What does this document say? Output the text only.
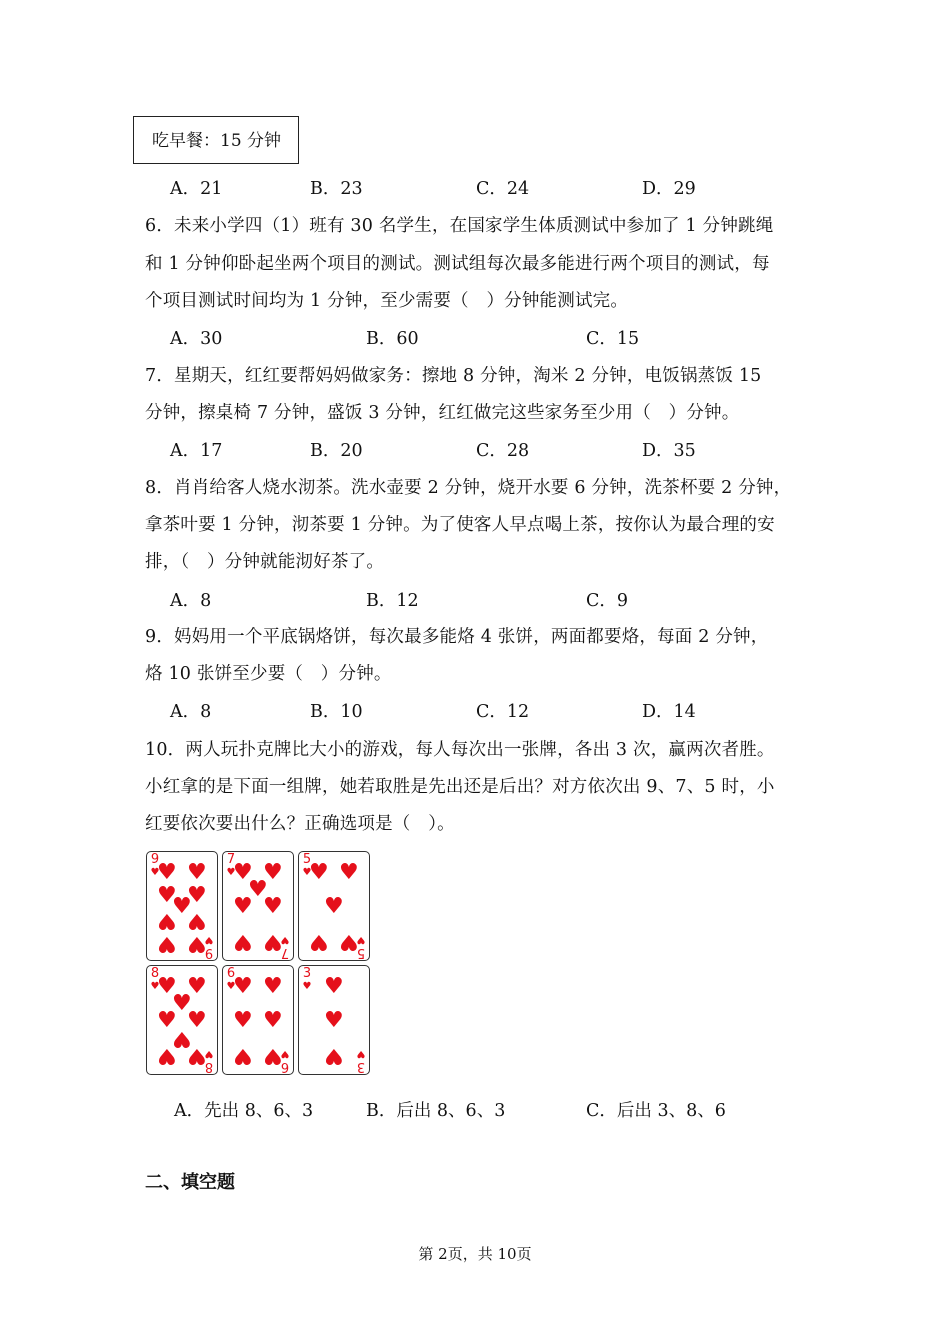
吃早餐：15 分钟
A．21	B．23	C．24	D．29
6．未来小学四（1）班有 30 名学生，在国家学生体质测试中参加了 1 分钟跳绳
和 1 分钟仰卧起坐两个项目的测试。测试组每次最多能进行两个项目的测试，每
个项目测试时间均为 1 分钟，至少需要（　）分钟能测试完。
A．30	B．60	C．15
7．星期天，红红要帮妈妈做家务：擦地 8 分钟，淘米 2 分钟，电饭锅蒸饭 15
分钟，擦桌椅 7 分钟，盛饭 3 分钟，红红做完这些家务至少用（　）分钟。
A．17	B．20	C．28	D．35
8．肖肖给客人烧水沏茶。洗水壶要 2 分钟，烧开水要 6 分钟，洗茶杯要 2 分钟，
拿茶叶要 1 分钟，沏茶要 1 分钟。为了使客人早点喝上茶，按你认为最合理的安
排，（　）分钟就能沏好茶了。
A．8	B．12	C．9
9．妈妈用一个平底锅烙饼，每次最多能烙 4 张饼，两面都要烙，每面 2 分钟，
烙 10 张饼至少要（　）分钟。
A．8	B．10	C．12	D．14
10．两人玩扑克牌比大小的游戏，每人每次出一张牌，各出 3 次，赢两次者胜。
小红拿的是下面一组牌，她若取胜是先出还是后出？对方依次出 9、7、5 时，小
红要依次要出什么？正确选项是（　）。
9
♥
9
♥
♥ ♥
♥ ♥
♥
♥ ♥
♥ ♥
7
♥
7
♥
♥ ♥
♥
♥ ♥
♥ ♥
5
♥
5
♥
♥ ♥
♥
♥ ♥
8
♥
8
♥
♥ ♥
♥
♥ ♥
♥
♥ ♥
6
♥
6
♥
♥ ♥
♥ ♥
♥ ♥
3
♥
3
♥
♥
♥
♥
A．先出 8、6、3	B．后出 8、6、3	C．后出 3、8、6
二、填空题
第 2页，共 10页
